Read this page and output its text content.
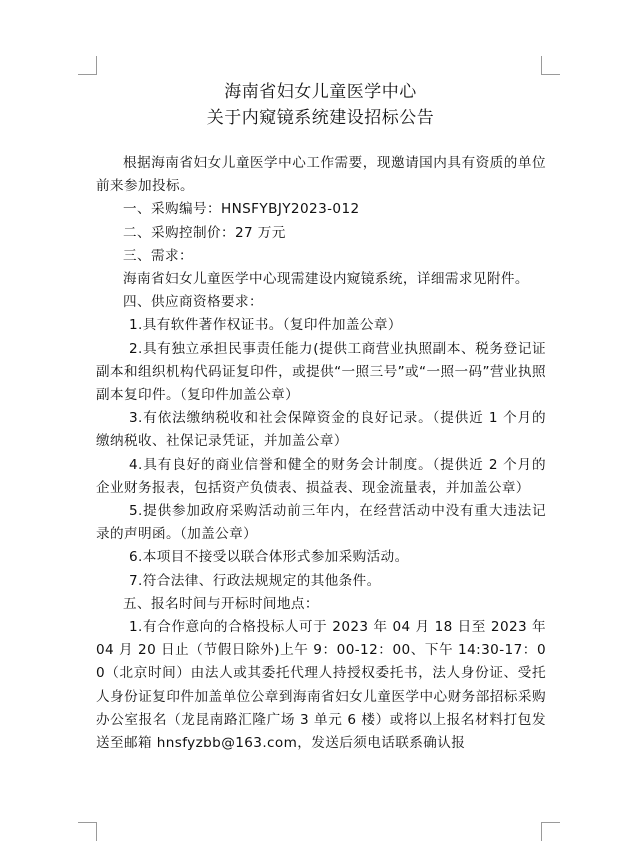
海南省妇女儿童医学中心
关于内窥镜系统建设招标公告

根据海南省妇女儿童医学中心工作需要，现邀请国内具有资质的单位前来参加投标。

一、采购编号：HNSFYBJY2023-012

二、采购控制价：27 万元

三、需求：

海南省妇女儿童医学中心现需建设内窥镜系统，详细需求见附件。

四、供应商资格要求：

1.具有软件著作权证书。（复印件加盖公章）

2.具有独立承担民事责任能力(提供工商营业执照副本、税务登记证副本和组织机构代码证复印件，或提供“一照三号”或“一照一码”营业执照副本复印件。（复印件加盖公章）

3.有依法缴纳税收和社会保障资金的良好记录。（提供近 1 个月的缴纳税收、社保记录凭证，并加盖公章）

4.具有良好的商业信誉和健全的财务会计制度。（提供近 2 个月的企业财务报表，包括资产负债表、损益表、现金流量表，并加盖公章）

5.提供参加政府采购活动前三年内，在经营活动中没有重大违法记录的声明函。（加盖公章）

6.本项目不接受以联合体形式参加采购活动。

7.符合法律、行政法规规定的其他条件。

五、报名时间与开标时间地点：

1.有合作意向的合格投标人可于 2023 年 04 月 18 日至 2023 年 04 月 20 日止（节假日除外)上午 9：00-12：00、下午 14:30-17：00（北京时间）由法人或其委托代理人持授权委托书，法人身份证、受托人身份证复印件加盖单位公章到海南省妇女儿童医学中心财务部招标采购办公室报名（龙昆南路汇隆广场 3 单元 6 楼）或将以上报名材料打包发送至邮箱 hnsfyzbb@163.com，发送后须电话联系确认报
